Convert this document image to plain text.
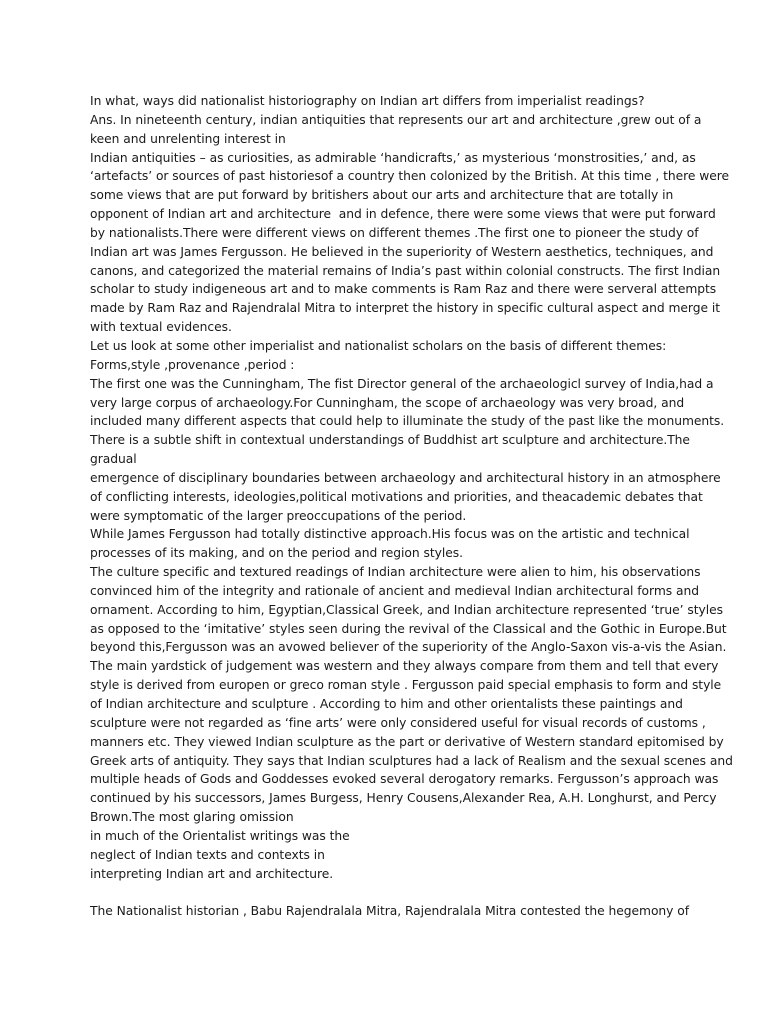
In what, ways did nationalist historiography on Indian art differs from imperialist readings?
Ans. In nineteenth century, indian antiquities that represents our art and architecture ,grew out of a
keen and unrelenting interest in
Indian antiquities – as curiosities, as admirable ‘handicrafts,’ as mysterious ‘monstrosities,’ and, as
‘artefacts’ or sources of past historiesof a country then colonized by the British. At this time , there were
some views that are put forward by britishers about our arts and architecture that are totally in
opponent of Indian art and architecture  and in defence, there were some views that were put forward
by nationalists.There were different views on different themes .The first one to pioneer the study of
Indian art was James Fergusson. He believed in the superiority of Western aesthetics, techniques, and
canons, and categorized the material remains of India’s past within colonial constructs. The first Indian
scholar to study indigeneous art and to make comments is Ram Raz and there were serveral attempts
made by Ram Raz and Rajendralal Mitra to interpret the history in specific cultural aspect and merge it
with textual evidences.
Let us look at some other imperialist and nationalist scholars on the basis of different themes:
Forms,style ,provenance ,period :
The first one was the Cunningham, The fist Director general of the archaeologicl survey of India,had a
very large corpus of archaeology.For Cunningham, the scope of archaeology was very broad, and
included many different aspects that could help to illuminate the study of the past like the monuments.
There is a subtle shift in contextual understandings of Buddhist art sculpture and architecture.The
gradual
emergence of disciplinary boundaries between archaeology and architectural history in an atmosphere
of conflicting interests, ideologies,political motivations and priorities, and theacademic debates that
were symptomatic of the larger preoccupations of the period.
While James Fergusson had totally distinctive approach.His focus was on the artistic and technical
processes of its making, and on the period and region styles.
The culture specific and textured readings of Indian architecture were alien to him, his observations
convinced him of the integrity and rationale of ancient and medieval Indian architectural forms and
ornament. According to him, Egyptian,Classical Greek, and Indian architecture represented ‘true’ styles
as opposed to the ‘imitative’ styles seen during the revival of the Classical and the Gothic in Europe.But
beyond this,Fergusson was an avowed believer of the superiority of the Anglo-Saxon vis-a-vis the Asian.
The main yardstick of judgement was western and they always compare from them and tell that every
style is derived from europen or greco roman style . Fergusson paid special emphasis to form and style
of Indian architecture and sculpture . According to him and other orientalists these paintings and
sculpture were not regarded as ‘fine arts’ were only considered useful for visual records of customs ,
manners etc. They viewed Indian sculpture as the part or derivative of Western standard epitomised by
Greek arts of antiquity. They says that Indian sculptures had a lack of Realism and the sexual scenes and
multiple heads of Gods and Goddesses evoked several derogatory remarks. Fergusson’s approach was
continued by his successors, James Burgess, Henry Cousens,Alexander Rea, A.H. Longhurst, and Percy
Brown.The most glaring omission
in much of the Orientalist writings was the
neglect of Indian texts and contexts in
interpreting Indian art and architecture.
The Nationalist historian , Babu Rajendralala Mitra, Rajendralala Mitra contested the hegemony of
